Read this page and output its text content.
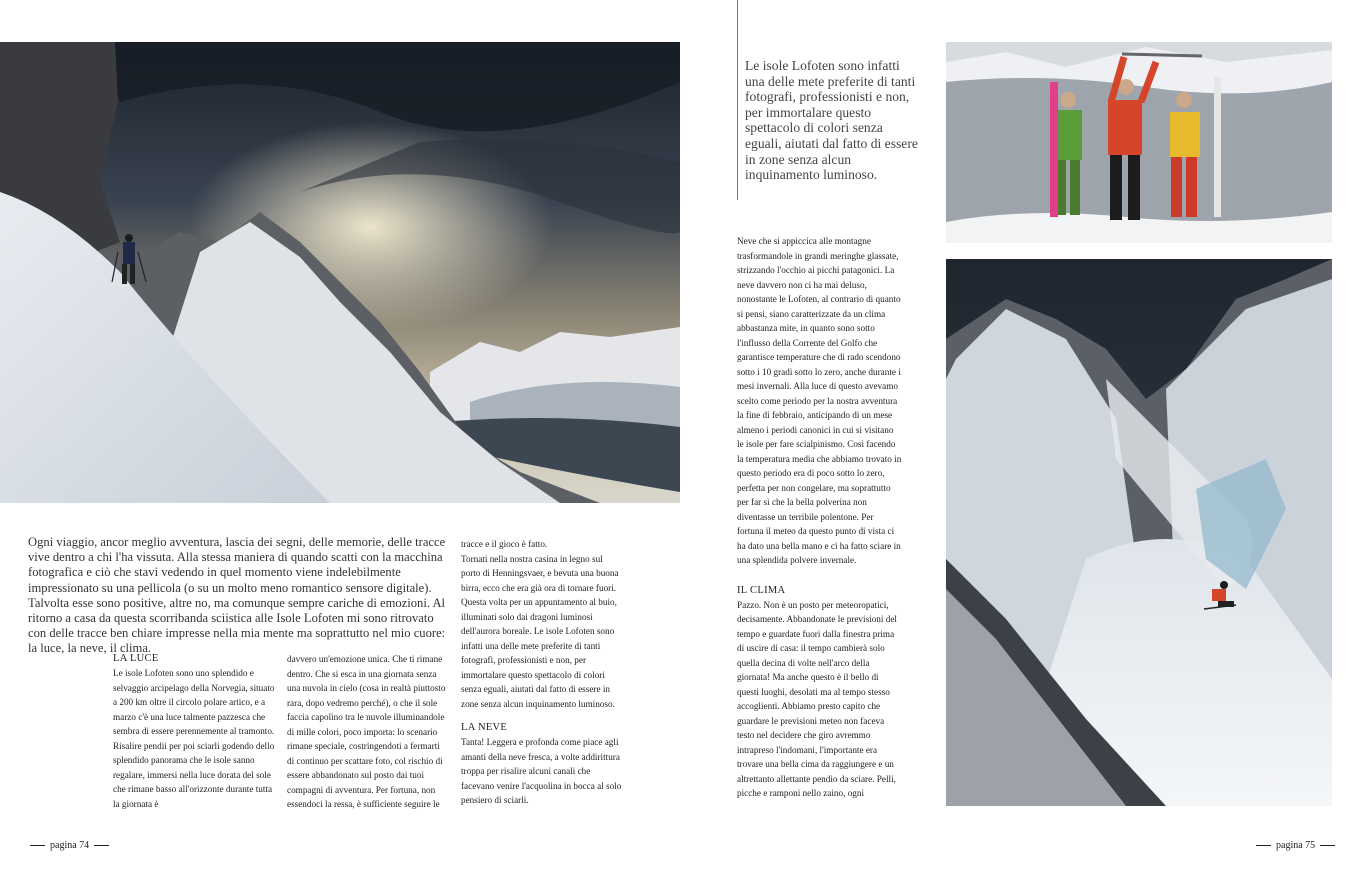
Ogni viaggio, ancor meglio avventura, lascia dei segni, delle memorie, delle tracce vive dentro a chi l'ha vissuta. Alla stessa maniera di quando scatti con la macchina fotografica e ciò che stavi vedendo in quel momento viene indelebilmente impressionato su una pellicola (o su un molto meno romantico sensore digitale). Talvolta esse sono positive, altre no, ma comunque sempre cariche di emozioni. Al ritorno a casa da questa scorribanda sciistica alle Isole Lofoten mi sono ritrovato con delle tracce ben chiare impresse nella mia mente ma soprattutto nel mio cuore: la luce, la neve, il clima.
LA LUCE

Le isole Lofoten sono uno splendido e selvaggio arcipelago della Norvegia, situato a 200 km oltre il circolo polare artico, e a marzo c'è una luce talmente pazzesca che sembra di essere perennemente al tramonto. Risalire pendii per poi sciarli godendo dello splendido panorama che le isole sanno regalare, immersi nella luce dorata del sole che rimane basso all'orizzonte durante tutta la giornata è

davvero un'emozione unica. Che ti rimane dentro. Che si esca in una giornata senza una nuvola in cielo (cosa in realtà piuttosto rara, dopo vedremo perché), o che il sole faccia capolino tra le nuvole illuminandole di mille colori, poco importa: lo scenario rimane speciale, costringendoti a fermarti di continuo per scattare foto, col rischio di essere abbandonato sul posto dai tuoi compagni di avventura. Per fortuna, non essendoci la ressa, è sufficiente seguire le

tracce e il gioco è fatto.

Tornati nella nostra casina in legno sul porto di Henningsvaer, e bevuta una buona birra, ecco che era già ora di tornare fuori. Questa volta per un appuntamento al buio, illuminati solo dai dragoni luminosi dell'aurora boreale. Le isole Lofoten sono infatti una delle mete preferite di tanti fotografi, professionisti e non, per immortalare questo spettacolo di colori senza eguali, aiutati dal fatto di essere in zone senza alcun inquinamento luminoso.

LA NEVE

Tanta! Leggera e profonda come piace agli amanti della neve fresca, a volte addirittura troppa per risalire alcuni canali che facevano venire l'acquolina in bocca al solo pensiero di sciarli.

pagina 74
Le isole Lofoten sono infatti una delle mete preferite di tanti fotografi, professionisti e non, per immortalare questo spettacolo di colori senza eguali, aiutati dal fatto di essere in zone senza alcun inquinamento luminoso.

Neve che si appiccica alle montagne trasformandole in grandi meringhe glassate, strizzando l'occhio ai picchi patagonici. La neve davvero non ci ha mai deluso, nonostante le Lofoten, al contrario di quanto si pensi, siano caratterizzate da un clima abbastanza mite, in quanto sono sotto l'influsso della Corrente del Golfo che garantisce temperature che di rado scendono sotto i 10 gradi sotto lo zero, anche durante i mesi invernali. Alla luce di questo avevamo scelto come periodo per la nostra avventura la fine di febbraio, anticipando di un mese almeno i periodi canonici in cui si visitano le isole per fare scialpinismo. Così facendo la temperatura media che abbiamo trovato in questo periodo era di poco sotto lo zero, perfetta per non congelare, ma soprattutto per far sì che la bella polverina non diventasse un terribile polentone. Per fortuna il meteo da questo punto di vista ci ha dato una bella mano e ci ha fatto sciare in una splendida polvere invernale.

IL CLIMA

Pazzo. Non è un posto per meteoropatici, decisamente. Abbandonate le previsioni del tempo e guardate fuori dalla finestra prima di uscire di casa: il tempo cambierà solo quella decina di volte nell'arco della giornata! Ma anche questo è il bello di questi luoghi, desolati ma al tempo stesso accoglienti. Abbiamo presto capito che guardare le previsioni meteo non faceva testo nel decidere che giro avremmo intrapreso l'indomani, l'importante era trovare una bella cima da raggiungere e un altrettanto allettante pendio da sciare. Pelli, picche e ramponi nello zaino, ogni

pagina 75
